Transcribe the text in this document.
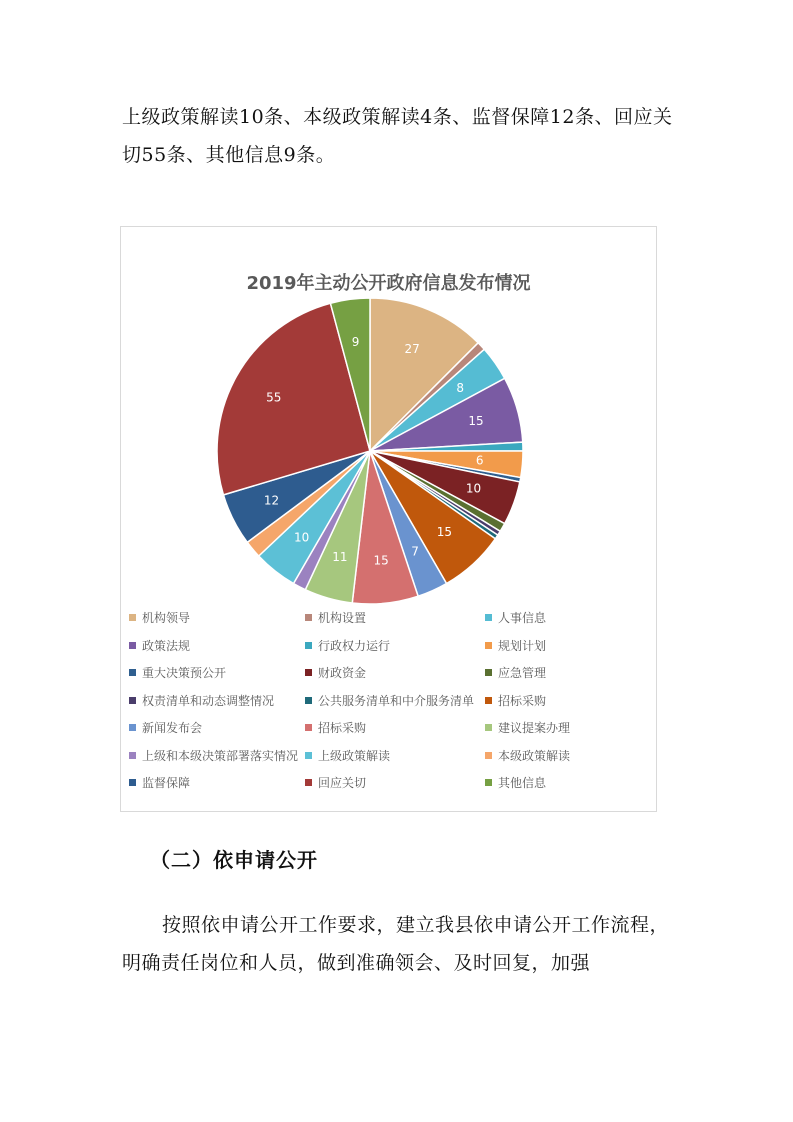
上级政策解读10条、本级政策解读4条、监督保障12条、回应关切55条、其他信息9条。

2019年主动公开政府信息发布情况
27
8
15
6
10
15
7
15
11
10
12
55
9
机构领导	机构设置	人事信息
政策法规	行政权力运行	规划计划
重大决策预公开	财政资金	应急管理
权责清单和动态调整情况	公共服务清单和中介服务清单 招标采购
新闻发布会	招标采购	建议提案办理
上级和本级决策部署落实情况 上级政策解读	本级政策解读
监督保障	回应关切	其他信息
（二）依申请公开

按照依申请公开工作要求，建立我县依申请公开工作流程，明确责任岗位和人员，做到准确领会、及时回复，加强
